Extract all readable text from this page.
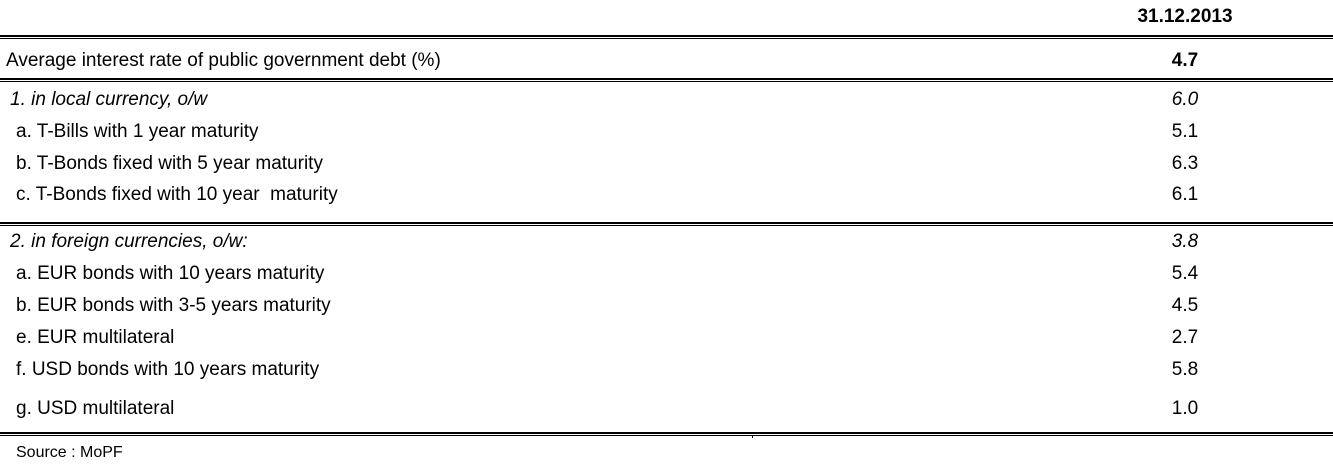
31.12.2013
Average interest rate of public government debt (%)	4.7
1. in local currency, o/w	6.0
a. T-Bills with 1 year maturity	5.1
b. T-Bonds fixed with 5 year maturity	6.3
c. T-Bonds fixed with 10 year  maturity	6.1
2. in foreign currencies, o/w:	3.8
a. EUR bonds with 10 years maturity	5.4
b. EUR bonds with 3-5 years maturity	4.5
e. EUR multilateral	2.7
f. USD bonds with 10 years maturity	5.8
g. USD multilateral	1.0
Source : MoPF
